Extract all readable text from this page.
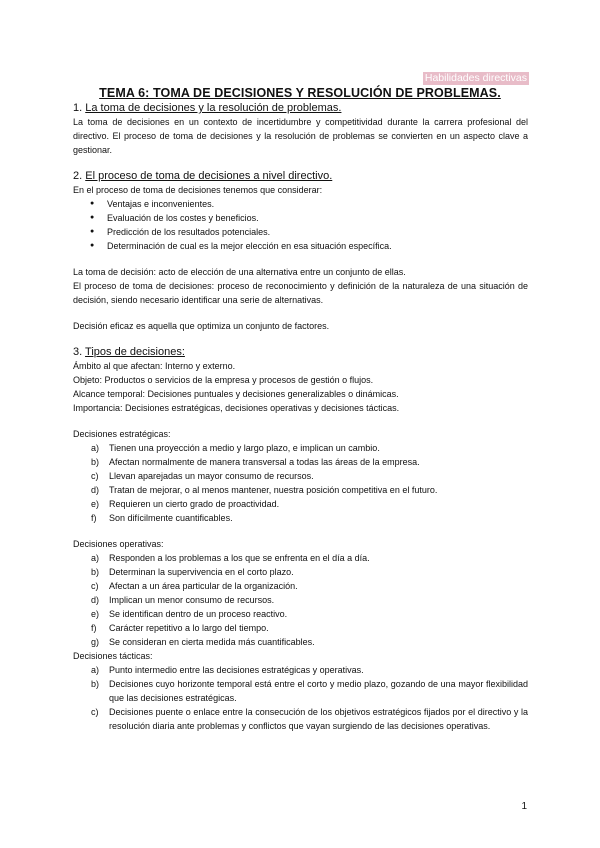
Habilidades directivas
TEMA 6: TOMA DE DECISIONES Y RESOLUCIÓN DE PROBLEMAS.

1. La toma de decisiones y la resolución de problemas.

La toma de decisiones en un contexto de incertidumbre y competitividad durante la carrera profesional del directivo. El proceso de toma de decisiones y la resolución de problemas se convierten en un aspecto clave a gestionar.

2. El proceso de toma de decisiones a nivel directivo.

En el proceso de toma de decisiones tenemos que considerar:

● Ventajas e inconvenientes.
● Evaluación de los costes y beneficios.
● Predicción de los resultados potenciales.
● Determinación de cual es la mejor elección en esa situación específica.

La toma de decisión: acto de elección de una alternativa entre un conjunto de ellas.

El proceso de toma de decisiones: proceso de reconocimiento y definición de la naturaleza de una situación de decisión, siendo necesario identificar una serie de alternativas.

Decisión eficaz es aquella que optimiza un conjunto de factores.

3. Tipos de decisiones:

Ámbito al que afectan: Interno y externo.

Objeto: Productos o servicios de la empresa y procesos de gestión o flujos.

Alcance temporal: Decisiones puntuales y decisiones generalizables o dinámicas.

Importancia: Decisiones estratégicas, decisiones operativas y decisiones tácticas.

Decisiones estratégicas:

a) Tienen una proyección a medio y largo plazo, e implican un cambio.
b) Afectan normalmente de manera transversal a todas las áreas de la empresa.
c) Llevan aparejadas un mayor consumo de recursos.
d) Tratan de mejorar, o al menos mantener, nuestra posición competitiva en el futuro.
e) Requieren un cierto grado de proactividad.
f) Son difícilmente cuantificables.

Decisiones operativas:

a) Responden a los problemas a los que se enfrenta en el día a día.
b) Determinan la supervivencia en el corto plazo.
c) Afectan a un área particular de la organización.
d) Implican un menor consumo de recursos.
e) Se identifican dentro de un proceso reactivo.
f) Carácter repetitivo a lo largo del tiempo.
g) Se consideran en cierta medida más cuantificables.

Decisiones tácticas:

a) Punto intermedio entre las decisiones estratégicas y operativas.
b) Decisiones cuyo horizonte temporal está entre el corto y medio plazo, gozando de una mayor flexibilidad que las decisiones estratégicas.
c) Decisiones puente o enlace entre la consecución de los objetivos estratégicos fijados por el directivo y la resolución diaria ante problemas y conflictos que vayan surgiendo de las decisiones operativas.
1
